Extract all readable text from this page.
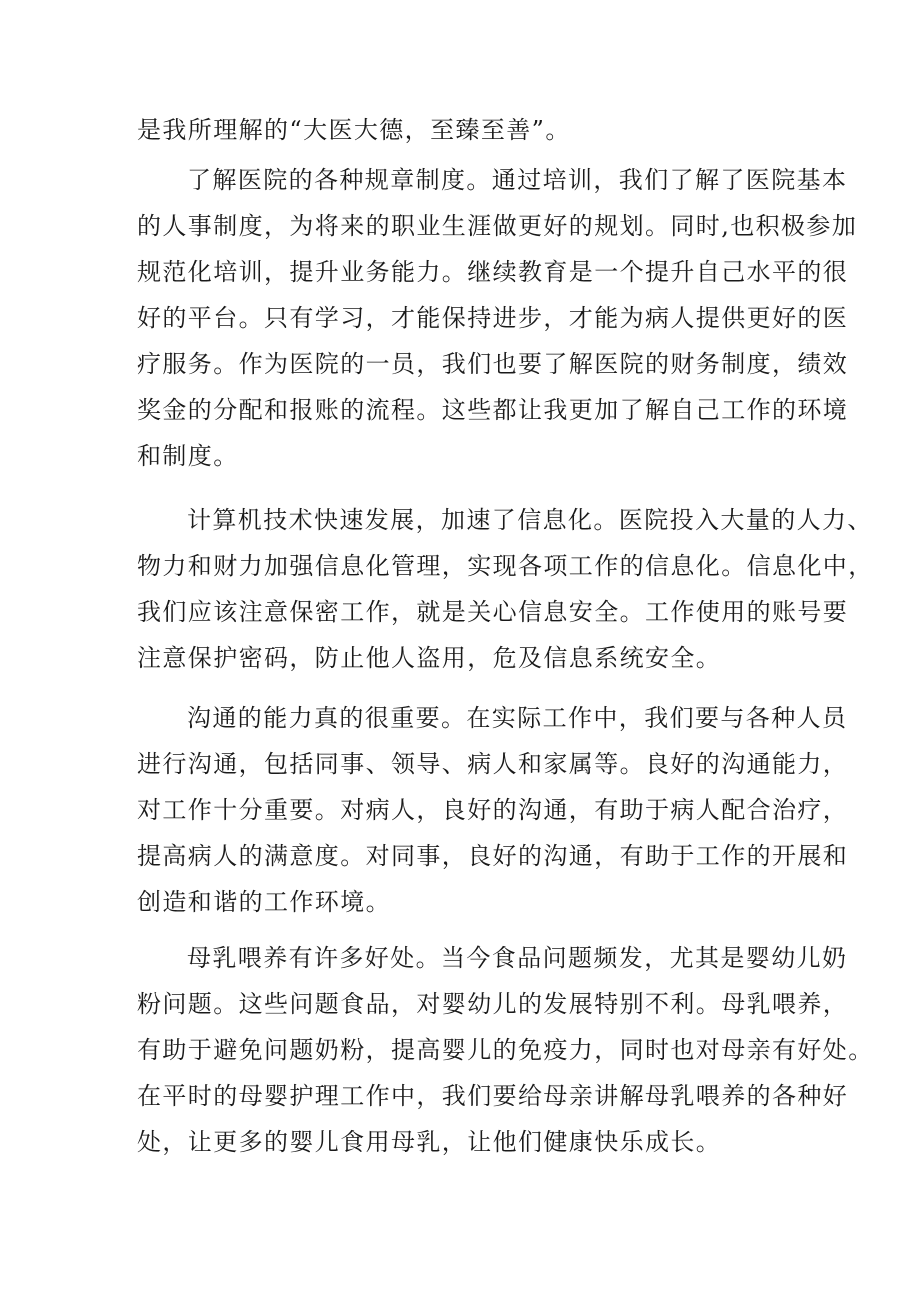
是我所理解的“大医大德，至臻至善”。
了解医院的各种规章制度。通过培训，我们了解了医院基本
的人事制度，为将来的职业生涯做更好的规划。同时,也积极参加
规范化培训，提升业务能力。继续教育是一个提升自己水平的很
好的平台。只有学习，才能保持进步，才能为病人提供更好的医
疗服务。作为医院的一员，我们也要了解医院的财务制度，绩效
奖金的分配和报账的流程。这些都让我更加了解自己工作的环境
和制度。
计算机技术快速发展，加速了信息化。医院投入大量的人力、
物力和财力加强信息化管理，实现各项工作的信息化。信息化中，
我们应该注意保密工作，就是关心信息安全。工作使用的账号要
注意保护密码，防止他人盗用，危及信息系统安全。
沟通的能力真的很重要。在实际工作中，我们要与各种人员
进行沟通，包括同事、领导、病人和家属等。良好的沟通能力，
对工作十分重要。对病人，良好的沟通，有助于病人配合治疗，
提高病人的满意度。对同事，良好的沟通，有助于工作的开展和
创造和谐的工作环境。
母乳喂养有许多好处。当今食品问题频发，尤其是婴幼儿奶
粉问题。这些问题食品，对婴幼儿的发展特别不利。母乳喂养，
有助于避免问题奶粉，提高婴儿的免疫力，同时也对母亲有好处。
在平时的母婴护理工作中，我们要给母亲讲解母乳喂养的各种好
处，让更多的婴儿食用母乳，让他们健康快乐成长。
